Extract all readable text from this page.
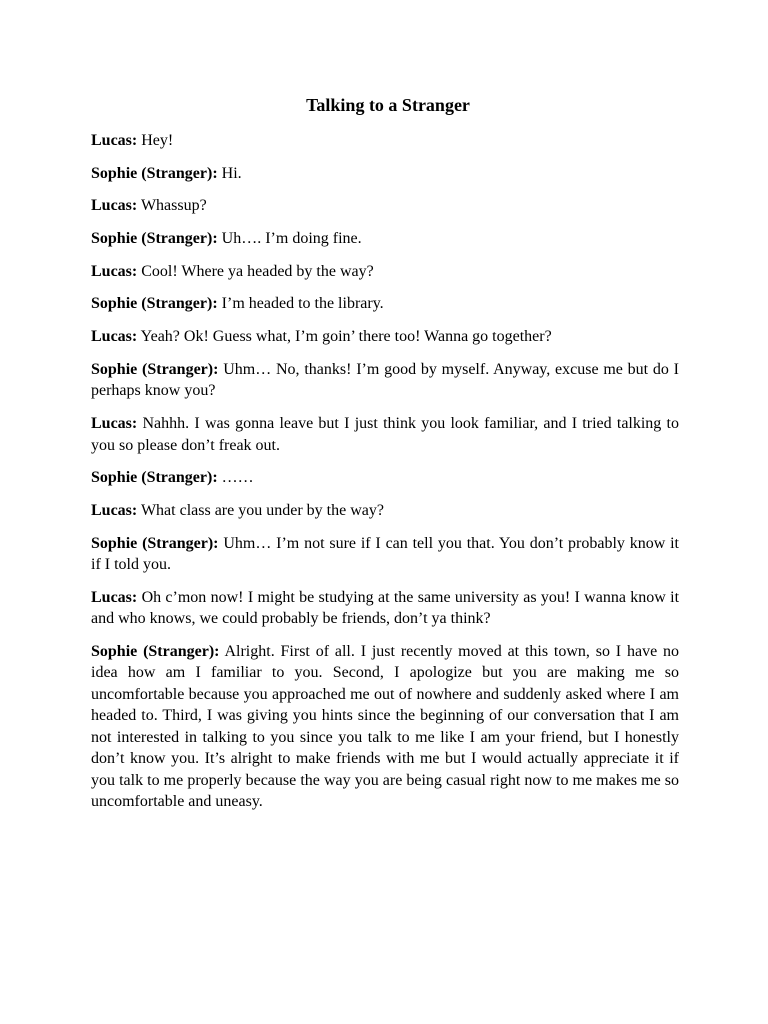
Talking to a Stranger

Lucas: Hey!

Sophie (Stranger): Hi.

Lucas: Whassup?

Sophie (Stranger): Uh…. I’m doing fine.

Lucas: Cool! Where ya headed by the way?

Sophie (Stranger): I’m headed to the library.

Lucas: Yeah? Ok! Guess what, I’m goin’ there too! Wanna go together?

Sophie (Stranger): Uhm… No, thanks! I’m good by myself. Anyway, excuse me but do I perhaps know you?

Lucas: Nahhh. I was gonna leave but I just think you look familiar, and I tried talking to you so please don’t freak out.

Sophie (Stranger): ……

Lucas: What class are you under by the way?

Sophie (Stranger): Uhm… I’m not sure if I can tell you that. You don’t probably know it if I told you.

Lucas: Oh c’mon now! I might be studying at the same university as you! I wanna know it and who knows, we could probably be friends, don’t ya think?

Sophie (Stranger): Alright. First of all. I just recently moved at this town, so I have no idea how am I familiar to you. Second, I apologize but you are making me so uncomfortable because you approached me out of nowhere and suddenly asked where I am headed to. Third, I was giving you hints since the beginning of our conversation that I am not interested in talking to you since you talk to me like I am your friend, but I honestly don’t know you. It’s alright to make friends with me but I would actually appreciate it if you talk to me properly because the way you are being casual right now to me makes me so uncomfortable and uneasy.
